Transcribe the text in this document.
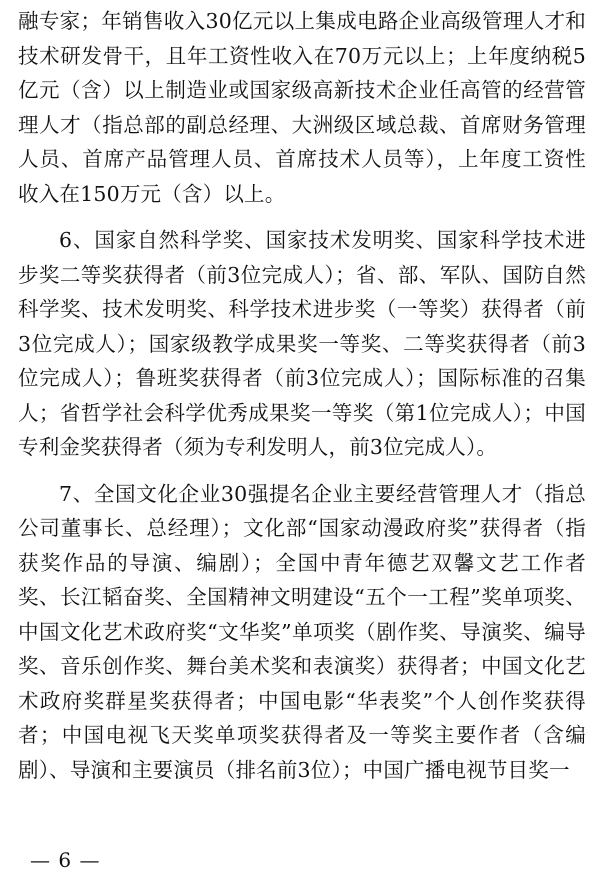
融专家；年销售收入30亿元以上集成电路企业高级管理人才和技术研发骨干，且年工资性收入在70万元以上；上年度纳税5亿元（含）以上制造业或国家级高新技术企业任高管的经营管理人才（指总部的副总经理、大洲级区域总裁、首席财务管理人员、首席产品管理人员、首席技术人员等），上年度工资性收入在150万元（含）以上。

6、国家自然科学奖、国家技术发明奖、国家科学技术进步奖二等奖获得者（前3位完成人）；省、部、军队、国防自然科学奖、技术发明奖、科学技术进步奖（一等奖）获得者（前3位完成人）；国家级教学成果奖一等奖、二等奖获得者（前3位完成人）；鲁班奖获得者（前3位完成人）；国际标准的召集人；省哲学社会科学优秀成果奖一等奖（第1位完成人）；中国专利金奖获得者（须为专利发明人，前3位完成人）。

7、全国文化企业30强提名企业主要经营管理人才（指总公司董事长、总经理）；文化部“国家动漫政府奖”获得者（指获奖作品的导演、编剧）；全国中青年德艺双馨文艺工作者奖、长江韬奋奖、全国精神文明建设“五个一工程”奖单项奖、中国文化艺术政府奖“文华奖”单项奖（剧作奖、导演奖、编导奖、音乐创作奖、舞台美术奖和表演奖）获得者；中国文化艺术政府奖群星奖获得者；中国电影“华表奖”个人创作奖获得者；中国电视飞天奖单项奖获得者及一等奖主要作者（含编剧）、导演和主要演员（排名前3位）；中国广播电视节目奖一

— 6 —
